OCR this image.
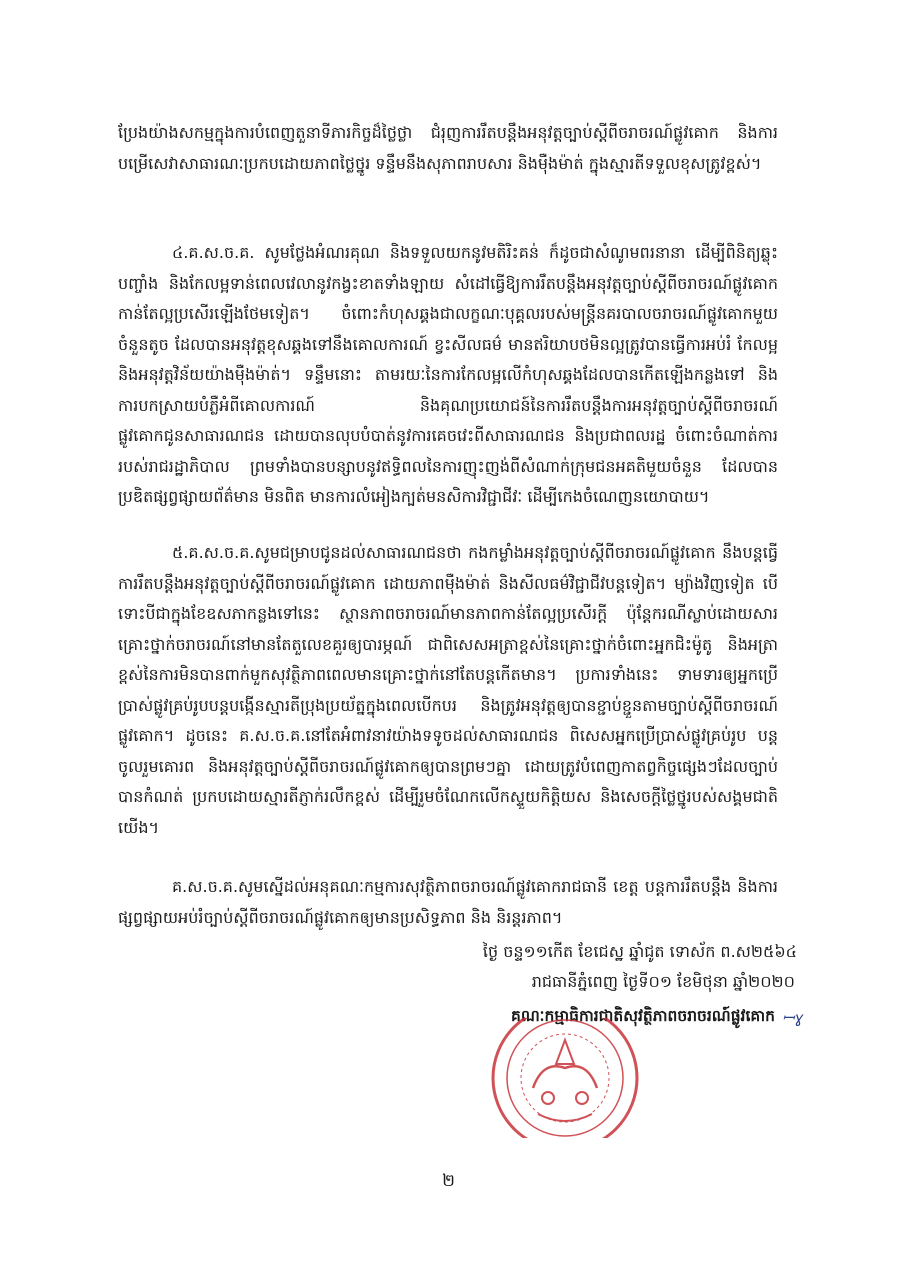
ប្រែងយ៉ាងសកម្មក្នុងការបំពេញតួនាទីភារកិច្ចដ៏ថ្លៃថ្លា ជំរុញការរឹតបន្តឹងអនុវត្តច្បាប់ស្តីពីចរាចរណ៍ផ្លូវគោក និងការបម្រើសេវាសាធារណៈប្រកបដោយភាពថ្លៃថ្នូរ ទន្ទឹមនឹងសុភាពរាបសារ និងម៉ឺងម៉ាត់ ក្នុងស្មារតីទទួលខុសត្រូវខ្ពស់។

៤.គ.ស.ច.គ. សូមថ្លែងអំណរគុណ និងទទួលយកនូវមតិរិះគន់ ក៏ដូចជាសំណូមពរនានា ដើម្បីពិនិត្យឆ្លុះបញ្ចាំង និងកែលម្អទាន់ពេលវេលានូវកង្វះខាតទាំងឡាយ សំដៅធ្វើឱ្យការរឹតបន្តឹងអនុវត្តច្បាប់ស្តីពីចរាចរណ៍ផ្លូវគោកកាន់តែល្អប្រសើរឡើងថែមទៀត។ ចំពោះកំហុសឆ្គងជាលក្ខណៈបុគ្គលរបស់មន្ត្រីនគរបាលចរាចរណ៍ផ្លូវគោកមួយចំនួនតូច ដែលបានអនុវត្តខុសឆ្គងទៅនឹងគោលការណ៍ ខ្វះសីលធម៌ មានឥរិយាបថមិនល្អត្រូវបានធ្វើការអប់រំ កែលម្អ និងអនុវត្តវិន័យយ៉ាងម៉ឺងម៉ាត់។ ទន្ទឹមនោះ តាមរយៈនៃការកែលម្អលើកំហុសឆ្គងដែលបានកើតឡើងកន្លងទៅ និងការបកស្រាយបំភ្លឺអំពីគោលការណ៍ និងគុណប្រយោជន៍នៃការរឹតបន្តឹងការអនុវត្តច្បាប់ស្តីពីចរាចរណ៍ផ្លូវគោកជូនសាធារណជន ដោយបានលុបបំបាត់នូវការគេចវេះពីសាធារណជន និងប្រជាពលរដ្ឋ ចំពោះចំណាត់ការរបស់រាជរដ្ឋាភិបាល ព្រមទាំងបានបន្សាបនូវឥទ្ធិពលនៃការញុះញង់ពីសំណាក់ក្រុមជនអគតិមួយចំនួន ដែលបានប្រឌិតផ្សព្វផ្សាយព័ត៌មាន មិនពិត មានការលំអៀងក្បត់មនសិការវិជ្ជាជីវៈ ដើម្បីកេងចំណេញនយោបាយ។

៥.គ.ស.ច.គ.សូមជម្រាបជូនដល់សាធារណជនថា កងកម្លាំងអនុវត្តច្បាប់ស្តីពីចរាចរណ៍ផ្លូវគោក នឹងបន្តធ្វើការរឹតបន្តឹងអនុវត្តច្បាប់ស្តីពីចរាចរណ៍ផ្លូវគោក ដោយភាពម៉ឺងម៉ាត់ និងសីលធម៌វិជ្ជាជីវបន្តទៀត។ ម្យ៉ាងវិញទៀត បើទោះបីជាក្នុងខែឧសភាកន្លងទៅនេះ ស្ថានភាពចរាចរណ៍មានភាពកាន់តែល្អប្រសើរក្តី ប៉ុន្តែករណីស្លាប់ដោយសារគ្រោះថ្នាក់ចរាចរណ៍នៅមានតែតួលេខគួរឲ្យបារម្ភណ៍ ជាពិសេសអត្រាខ្ពស់នៃគ្រោះថ្នាក់ចំពោះអ្នកជិះម៉ូតូ និងអត្រាខ្ពស់នៃការមិនបានពាក់មួកសុវត្ថិភាពពេលមានគ្រោះថ្នាក់នៅតែបន្តកើតមាន។ ប្រការទាំងនេះ ទាមទារឲ្យអ្នកប្រើប្រាស់ផ្លូវគ្រប់រូបបន្តបង្កើនស្មារតីប្រុងប្រយ័ត្នក្នុងពេលបើកបរ និងត្រូវអនុវត្តឲ្យបានខ្ជាប់ខ្ជួនតាមច្បាប់ស្តីពីចរាចរណ៍ផ្លូវគោក។ ដូចនេះ គ.ស.ច.គ.នៅតែអំពាវនាវយ៉ាងទទូចដល់សាធារណជន ពិសេសអ្នកប្រើប្រាស់ផ្លូវគ្រប់រូប បន្តចូលរួមគោរព និងអនុវត្តច្បាប់ស្តីពីចរាចរណ៍ផ្លូវគោកឲ្យបានព្រមៗគ្នា ដោយត្រូវបំពេញកាតព្វកិច្ចផ្សេងៗដែលច្បាប់បានកំណត់ ប្រកបដោយស្មារតីភ្ញាក់រលឹកខ្ពស់ ដើម្បីរួមចំណែកលើកស្ទួយកិត្តិយស និងសេចក្តីថ្លៃថ្នូរបស់សង្គមជាតិយើង។

គ.ស.ច.គ.សូមស្នើដល់អនុគណៈកម្មការសុវត្ថិភាពចរាចរណ៍ផ្លូវគោករាជធានី ខេត្ត បន្តការរឹតបន្តឹង និងការផ្សព្វផ្សាយអប់រំច្បាប់ស្តីពីចរាចរណ៍ផ្លូវគោកឲ្យមានប្រសិទ្ធភាព និង និរន្តរភាព។

ថ្ងៃ ចន្ទ១១កើត ខែជេស្ឋ ឆ្នាំជូត ទោស័ក ព.ស២៥៦៤
រាជធានីភ្នំពេញ ថ្ងៃទី០១ ខែមិថុនា ឆ្នាំ២០២០
គណៈកម្មាធិការជាតិសុវត្ថិភាពចរាចរណ៍ផ្លូវគោក ꟷɣ
២
